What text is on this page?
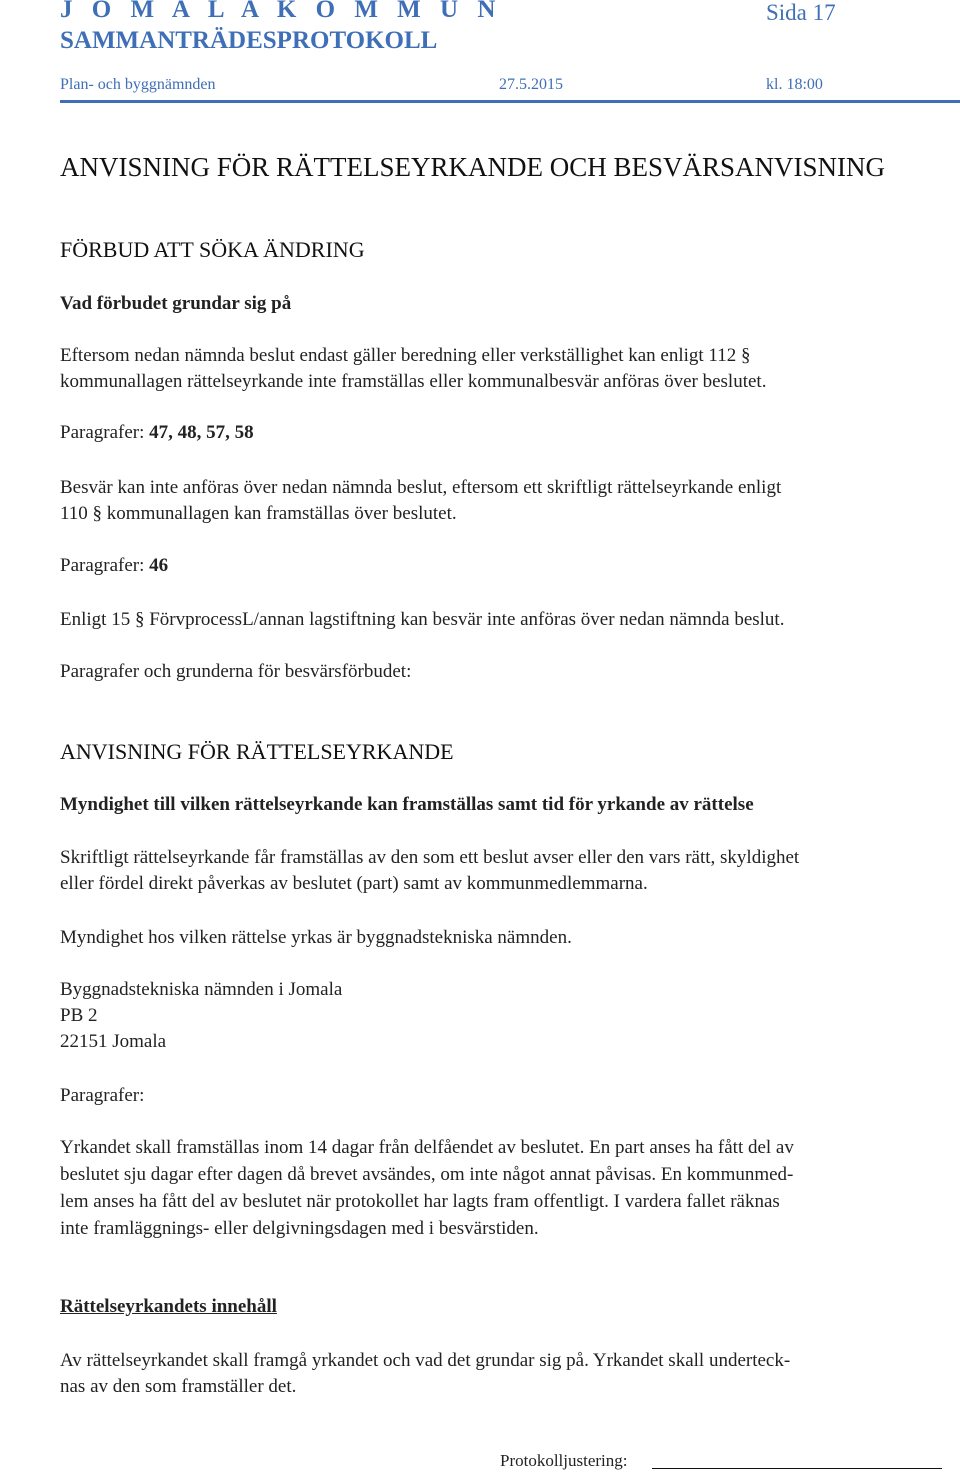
J O M A L A K O M M U N	Sida 17
SAMMANTRÄDESPROTOKOLL
Plan- och byggnämnden	27.5.2015	kl. 18:00
ANVISNING FÖR RÄTTELSEYRKANDE OCH BESVÄRSANVISNING
FÖRBUD ATT SÖKA ÄNDRING
Vad förbudet grundar sig på
Eftersom nedan nämnda beslut endast gäller beredning eller verkställighet kan enligt 112 §
kommunallagen rättelseyrkande inte framställas eller kommunalbesvär anföras över beslutet.
Paragrafer: 47, 48, 57, 58
Besvär kan inte anföras över nedan nämnda beslut, eftersom ett skriftligt rättelseyrkande enligt
110 § kommunallagen kan framställas över beslutet.
Paragrafer: 46
Enligt 15 § FörvprocessL/annan lagstiftning kan besvär inte anföras över nedan nämnda beslut.
Paragrafer och grunderna för besvärsförbudet:
ANVISNING FÖR RÄTTELSEYRKANDE
Myndighet till vilken rättelseyrkande kan framställas samt tid för yrkande av rättelse
Skriftligt rättelseyrkande får framställas av den som ett beslut avser eller den vars rätt, skyldighet
eller fördel direkt påverkas av beslutet (part) samt av kommunmedlemmarna.
Myndighet hos vilken rättelse yrkas är byggnadstekniska nämnden.
Byggnadstekniska nämnden i Jomala
PB 2
22151 Jomala
Paragrafer:
Yrkandet skall framställas inom 14 dagar från delfåendet av beslutet. En part anses ha fått del av
beslutet sju dagar efter dagen då brevet avsändes, om inte något annat påvisas. En kommunmed-
lem anses ha fått del av beslutet när protokollet har lagts fram offentligt. I vardera fallet räknas
inte framläggnings- eller delgivningsdagen med i besvärstiden.
Rättelseyrkandets innehåll
Av rättelseyrkandet skall framgå yrkandet och vad det grundar sig på. Yrkandet skall underteck-
nas av den som framställer det.
Protokolljustering:
